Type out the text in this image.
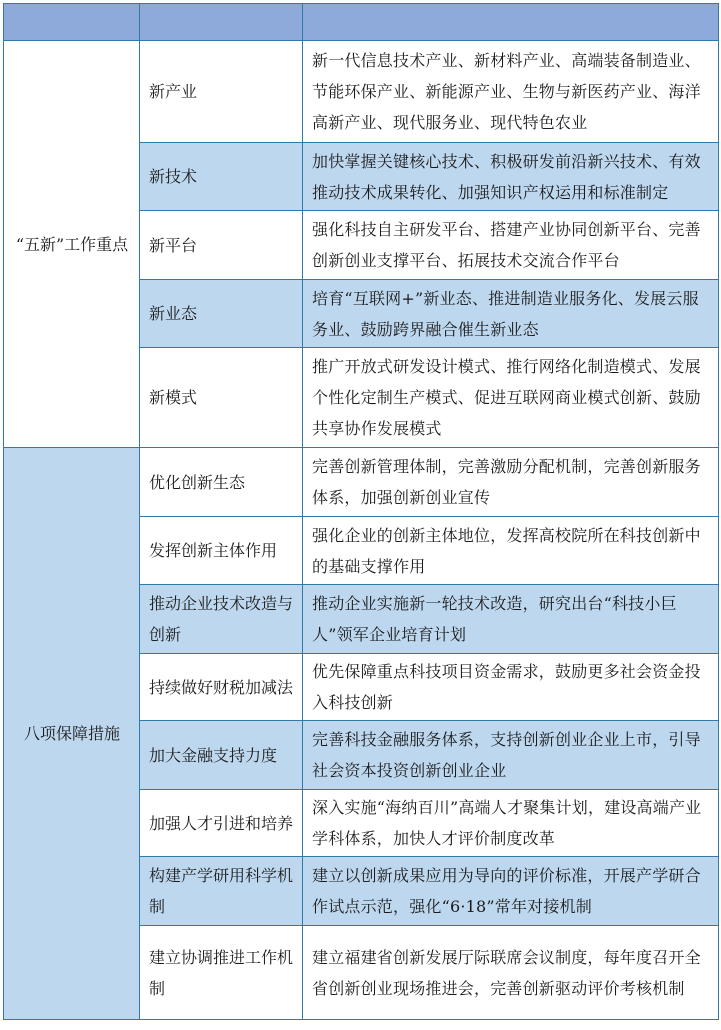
“五新”工作重点	新产业	新一代信息技术产业、新材料产业、高端装备制造业、节能环保产业、新能源产业、生物与新医药产业、海洋高新产业、现代服务业、现代特色农业
	新技术	加快掌握关键核心技术、积极研发前沿新兴技术、有效推动技术成果转化、加强知识产权运用和标准制定
	新平台	强化科技自主研发平台、搭建产业协同创新平台、完善创新创业支撑平台、拓展技术交流合作平台
	新业态	培育“互联网+”新业态、推进制造业服务化、发展云服务业、鼓励跨界融合催生新业态
	新模式	推广开放式研发设计模式、推行网络化制造模式、发展个性化定制生产模式、促进互联网商业模式创新、鼓励共享协作发展模式
八项保障措施	优化创新生态	完善创新管理体制，完善激励分配机制，完善创新服务体系，加强创新创业宣传
	发挥创新主体作用	强化企业的创新主体地位，发挥高校院所在科技创新中的基础支撑作用
	推动企业技术改造与创新	推动企业实施新一轮技术改造，研究出台“科技小巨人”领军企业培育计划
	持续做好财税加减法	优先保障重点科技项目资金需求，鼓励更多社会资金投入科技创新
	加大金融支持力度	完善科技金融服务体系，支持创新创业企业上市，引导社会资本投资创新创业企业
	加强人才引进和培养	深入实施“海纳百川”高端人才聚集计划，建设高端产业学科体系，加快人才评价制度改革
	构建产学研用科学机制	建立以创新成果应用为导向的评价标准，开展产学研合作试点示范，强化“6·18”常年对接机制
	建立协调推进工作机制	建立福建省创新发展厅际联席会议制度，每年度召开全省创新创业现场推进会，完善创新驱动评价考核机制
